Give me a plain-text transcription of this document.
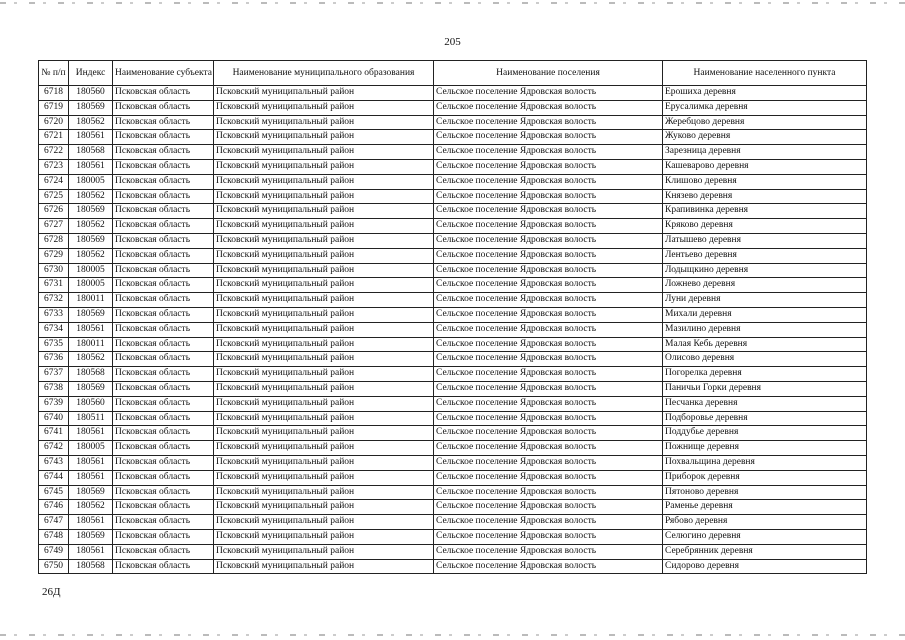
205
№ п/п	Индекс	Наименование субъекта	Наименование муниципального образования	Наименование поселения	Наименование населенного пункта
6718	180560	Псковская область	Псковский муниципальный район	Сельское поселение Ядровская волость	Ерошиха деревня
6719	180569	Псковская область	Псковский муниципальный район	Сельское поселение Ядровская волость	Ерусалимка деревня
6720	180562	Псковская область	Псковский муниципальный район	Сельское поселение Ядровская волость	Жеребцово деревня
6721	180561	Псковская область	Псковский муниципальный район	Сельское поселение Ядровская волость	Жуково деревня
6722	180568	Псковская область	Псковский муниципальный район	Сельское поселение Ядровская волость	Зарезница деревня
6723	180561	Псковская область	Псковский муниципальный район	Сельское поселение Ядровская волость	Кашеварово деревня
6724	180005	Псковская область	Псковский муниципальный район	Сельское поселение Ядровская волость	Клишово деревня
6725	180562	Псковская область	Псковский муниципальный район	Сельское поселение Ядровская волость	Князево деревня
6726	180569	Псковская область	Псковский муниципальный район	Сельское поселение Ядровская волость	Крапивинка деревня
6727	180562	Псковская область	Псковский муниципальный район	Сельское поселение Ядровская волость	Кряково деревня
6728	180569	Псковская область	Псковский муниципальный район	Сельское поселение Ядровская волость	Латышево деревня
6729	180562	Псковская область	Псковский муниципальный район	Сельское поселение Ядровская волость	Лентьево деревня
6730	180005	Псковская область	Псковский муниципальный район	Сельское поселение Ядровская волость	Лодыщкино деревня
6731	180005	Псковская область	Псковский муниципальный район	Сельское поселение Ядровская волость	Ложнево деревня
6732	180011	Псковская область	Псковский муниципальный район	Сельское поселение Ядровская волость	Луни деревня
6733	180569	Псковская область	Псковский муниципальный район	Сельское поселение Ядровская волость	Михали деревня
6734	180561	Псковская область	Псковский муниципальный район	Сельское поселение Ядровская волость	Мазилино деревня
6735	180011	Псковская область	Псковский муниципальный район	Сельское поселение Ядровская волость	Малая Кебь деревня
6736	180562	Псковская область	Псковский муниципальный район	Сельское поселение Ядровская волость	Олисово деревня
6737	180568	Псковская область	Псковский муниципальный район	Сельское поселение Ядровская волость	Погорелка деревня
6738	180569	Псковская область	Псковский муниципальный район	Сельское поселение Ядровская волость	Паничьи Горки деревня
6739	180560	Псковская область	Псковский муниципальный район	Сельское поселение Ядровская волость	Песчанка деревня
6740	180511	Псковская область	Псковский муниципальный район	Сельское поселение Ядровская волость	Подборовье деревня
6741	180561	Псковская область	Псковский муниципальный район	Сельское поселение Ядровская волость	Поддубье деревня
6742	180005	Псковская область	Псковский муниципальный район	Сельское поселение Ядровская волость	Пожнище деревня
6743	180561	Псковская область	Псковский муниципальный район	Сельское поселение Ядровская волость	Похвальщина деревня
6744	180561	Псковская область	Псковский муниципальный район	Сельское поселение Ядровская волость	Приборок деревня
6745	180569	Псковская область	Псковский муниципальный район	Сельское поселение Ядровская волость	Пятоново деревня
6746	180562	Псковская область	Псковский муниципальный район	Сельское поселение Ядровская волость	Раменье деревня
6747	180561	Псковская область	Псковский муниципальный район	Сельское поселение Ядровская волость	Рябово деревня
6748	180569	Псковская область	Псковский муниципальный район	Сельское поселение Ядровская волость	Селюгино деревня
6749	180561	Псковская область	Псковский муниципальный район	Сельское поселение Ядровская волость	Серебрянник деревня
6750	180568	Псковская область	Псковский муниципальный район	Сельское поселение Ядровская волость	Сидорово деревня
26Д
